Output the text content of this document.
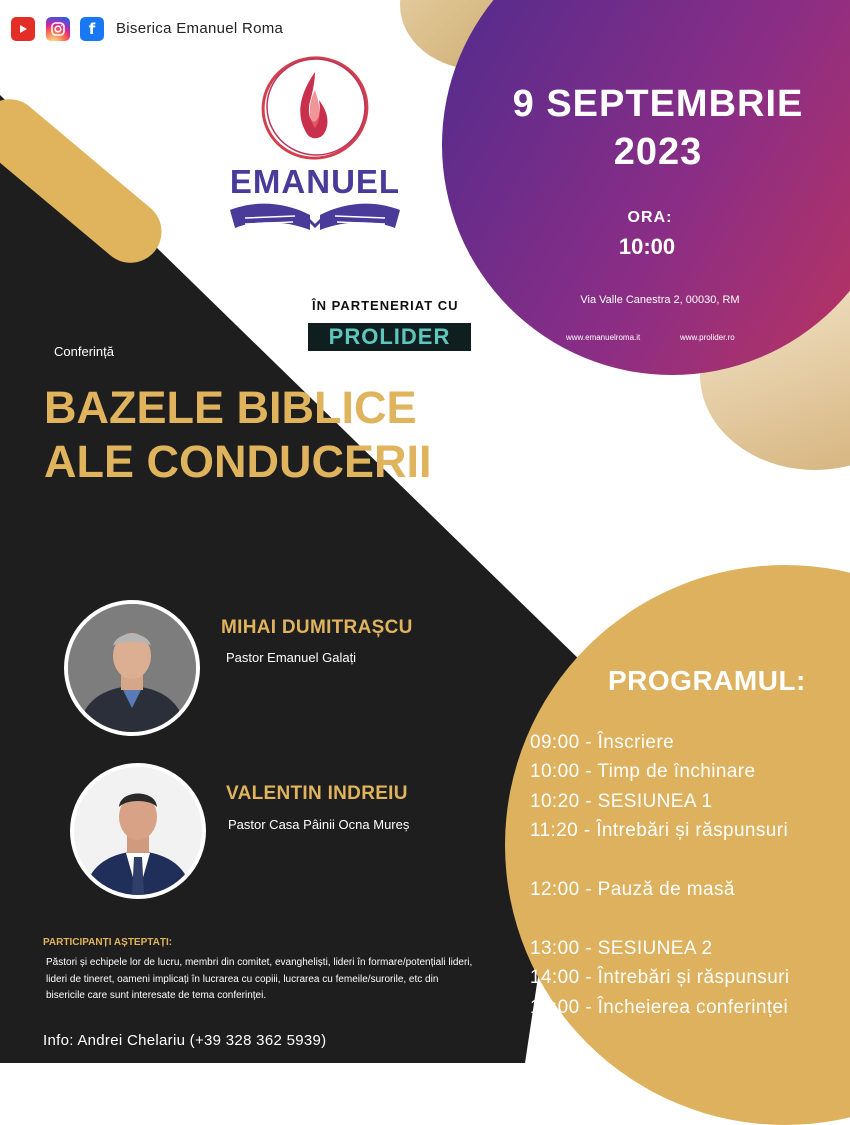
f	Biserica Emanuel Roma
EMANUEL
9 SEPTEMBRIE 2023
ORA:
10:00
Via Valle Canestra 2, 00030, RM
www.emanuelroma.it	www.prolider.ro
ÎN PARTENERIAT CU
PROLIDER
Conferință
BAZELE BIBLICE ALE CONDUCERII
MIHAI DUMITRAȘCU
Pastor Emanuel Galați
VALENTIN INDREIU
Pastor Casa Pâinii Ocna Mureș
PROGRAMUL:
09:00 - Înscriere
10:00 - Timp de închinare
10:20 - SESIUNEA 1
11:20 - Întrebări și răspunsuri
12:00 - Pauză de masă
13:00 - SESIUNEA 2
14:00 - Întrebări și răspunsuri
15:00 - Încheierea conferinței
PARTICIPANȚI AȘTEPTAȚI:
Păstori și echipele lor de lucru, membri din comitet, evangheliști, lideri în formare/potențiali lideri, lideri de tineret, oameni implicați în lucrarea cu copiii, lucrarea cu femeile/surorile, etc din bisericile care sunt interesate de tema conferinței.
Info: Andrei Chelariu (+39 328 362 5939)
